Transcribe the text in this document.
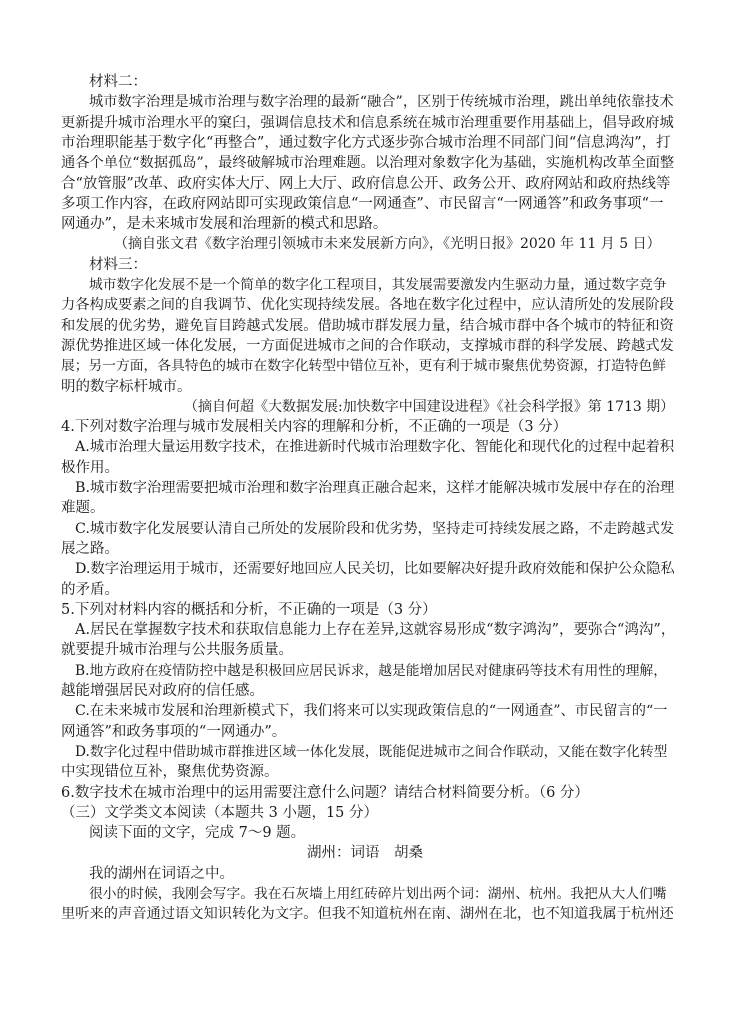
材料二：
城市数字治理是城市治理与数字治理的最新“融合”，区别于传统城市治理，跳出单纯依靠技术
更新提升城市治理水平的窠臼，强调信息技术和信息系统在城市治理重要作用基础上，倡导政府城
市治理职能基于数字化“再整合”，通过数字化方式逐步弥合城市治理不同部门间“信息鸿沟”，打
通各个单位“数据孤岛”，最终破解城市治理难题。以治理对象数字化为基础，实施机构改革全面整
合“放管服”改革、政府实体大厅、网上大厅、政府信息公开、政务公开、政府网站和政府热线等
多项工作内容，在政府网站即可实现政策信息“一网通查”、市民留言“一网通答”和政务事项“一
网通办”，是未来城市发展和治理新的模式和思路。
（摘自张文君《数字治理引领城市未来发展新方向》，《光明日报》2020 年 11 月 5 日）
材料三：
城市数字化发展不是一个简单的数字化工程项目，其发展需要激发内生驱动力量，通过数字竞争
力各构成要素之间的自我调节、优化实现持续发展。各地在数字化过程中，应认清所处的发展阶段
和发展的优劣势，避免盲目跨越式发展。借助城市群发展力量，结合城市群中各个城市的特征和资
源优势推进区域一体化发展，一方面促进城市之间的合作联动，支撑城市群的科学发展、跨越式发
展；另一方面，各具特色的城市在数字化转型中错位互补，更有利于城市聚焦优势资源，打造特色鲜
明的数字标杆城市。
（摘自何超《大数据发展:加快数字中国建设进程》《社会科学报》第 1713 期）
4.下列对数字治理与城市发展相关内容的理解和分析，不正确的一项是（3 分）
A.城市治理大量运用数字技术，在推进新时代城市治理数字化、智能化和现代化的过程中起着积
极作用。
B.城市数字治理需要把城市治理和数字治理真正融合起来，这样才能解决城市发展中存在的治理
难题。
C.城市数字化发展要认清自己所处的发展阶段和优劣势，坚持走可持续发展之路，不走跨越式发
展之路。
D.数字治理运用于城市，还需要好地回应人民关切，比如要解决好提升政府效能和保护公众隐私
的矛盾。
5.下列对材料内容的概括和分析，不正确的一项是（3 分）
A.居民在掌握数字技术和获取信息能力上存在差异,这就容易形成“数字鸿沟”，要弥合“鸿沟”，
就要提升城市治理与公共服务质量。
B.地方政府在疫情防控中越是积极回应居民诉求，越是能增加居民对健康码等技术有用性的理解，
越能增强居民对政府的信任感。
C.在未来城市发展和治理新模式下，我们将来可以实现政策信息的“一网通查”、市民留言的“一
网通答”和政务事项的“一网通办”。
D.数字化过程中借助城市群推进区域一体化发展，既能促进城市之间合作联动，又能在数字化转型
中实现错位互补，聚焦优势资源。
6.数字技术在城市治理中的运用需要注意什么问题？请结合材料简要分析。（6 分）
（三）文学类文本阅读（本题共 3 小题，15 分）
阅读下面的文字，完成 7～9 题。
湖州：词语　胡桑
我的湖州在词语之中。
很小的时候，我刚会写字。我在石灰墙上用红砖碎片划出两个词：湖州、杭州。我把从大人们嘴
里听来的声音通过语文知识转化为文字。但我不知道杭州在南、湖州在北，也不知道我属于杭州还
